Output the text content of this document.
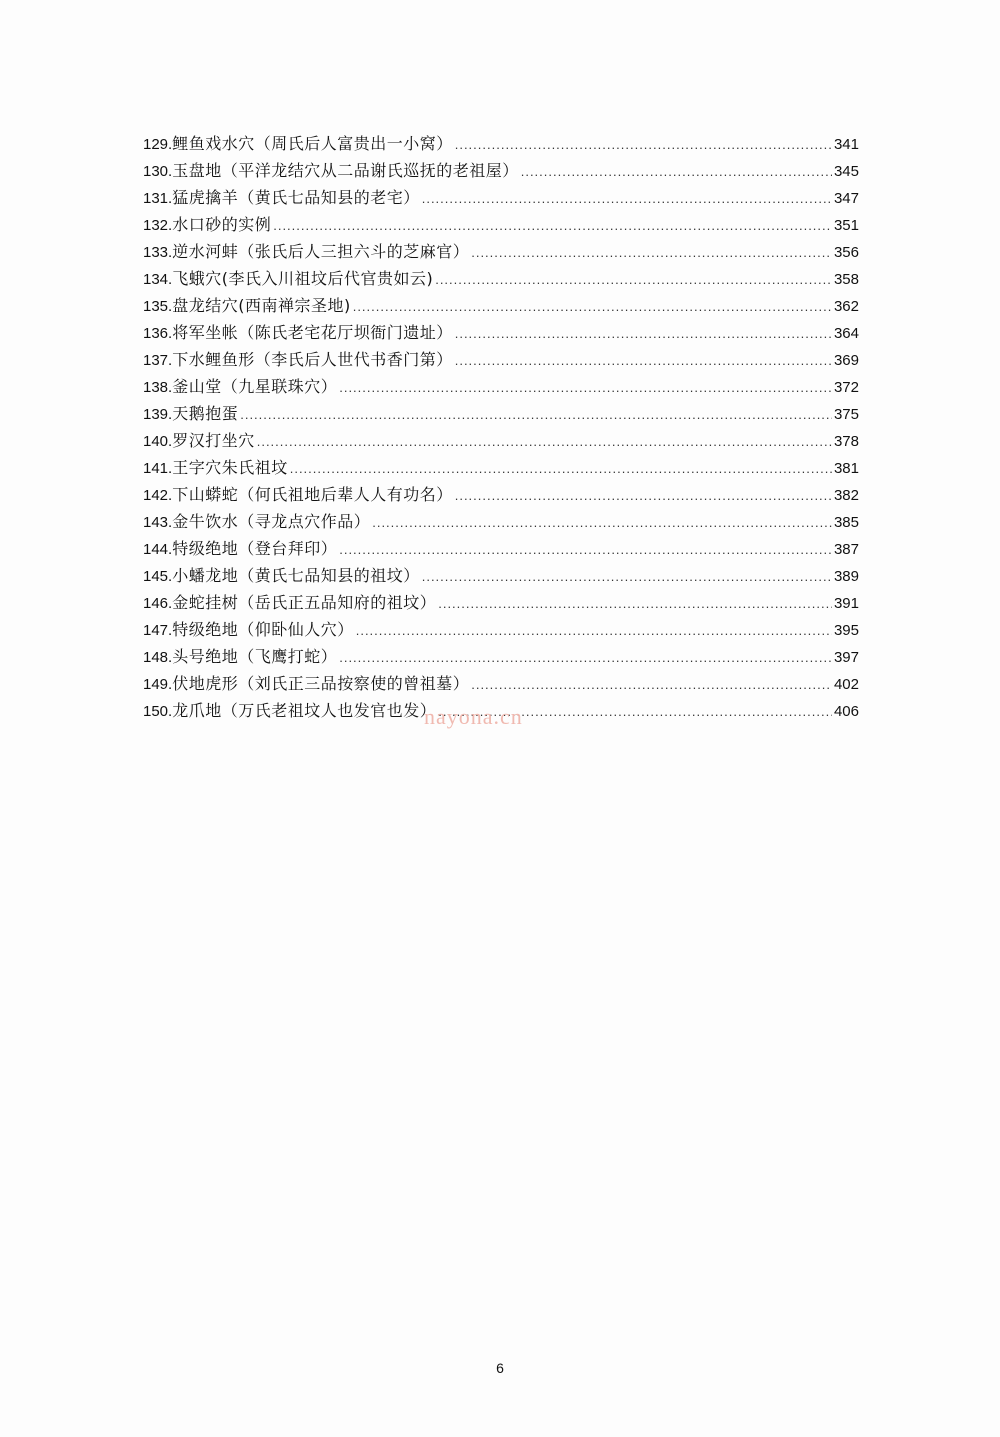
129. 鲤鱼戏水穴（周氏后人富贵出一小窝） .....	341
130. 玉盘地（平洋龙结穴从二品谢氏巡抚的老祖屋） .....	345
131. 猛虎擒羊（黄氏七品知县的老宅） .....	347
132. 水口砂的实例 .....	351
133. 逆水河蚌（张氏后人三担六斗的芝麻官） .....	356
134. 飞蛾穴(李氏入川祖坟后代官贵如云) .....	358
135. 盘龙结穴(西南禅宗圣地) .....	362
136. 将军坐帐（陈氏老宅花厅坝衙门遗址） .....	364
137. 下水鲤鱼形（李氏后人世代书香门第） .....	369
138. 釜山堂（九星联珠穴） .....	372
139. 天鹅抱蛋 .....	375
140. 罗汉打坐穴 .....	378
141. 王字穴朱氏祖坟 .....	381
142. 下山蟒蛇（何氏祖地后辈人人有功名） .....	382
143. 金牛饮水（寻龙点穴作品） .....	385
144. 特级绝地（登台拜印） .....	387
145. 小蟠龙地（黄氏七品知县的祖坟） .....	389
146. 金蛇挂树（岳氏正五品知府的祖坟） .....	391
147. 特级绝地（仰卧仙人穴） .....	395
148. 头号绝地（飞鹰打蛇） .....	397
149. 伏地虎形（刘氏正三品按察使的曾祖墓） .....	402
150. 龙爪地（万氏老祖坟人也发官也发） .....	406
nayona.cn
6
